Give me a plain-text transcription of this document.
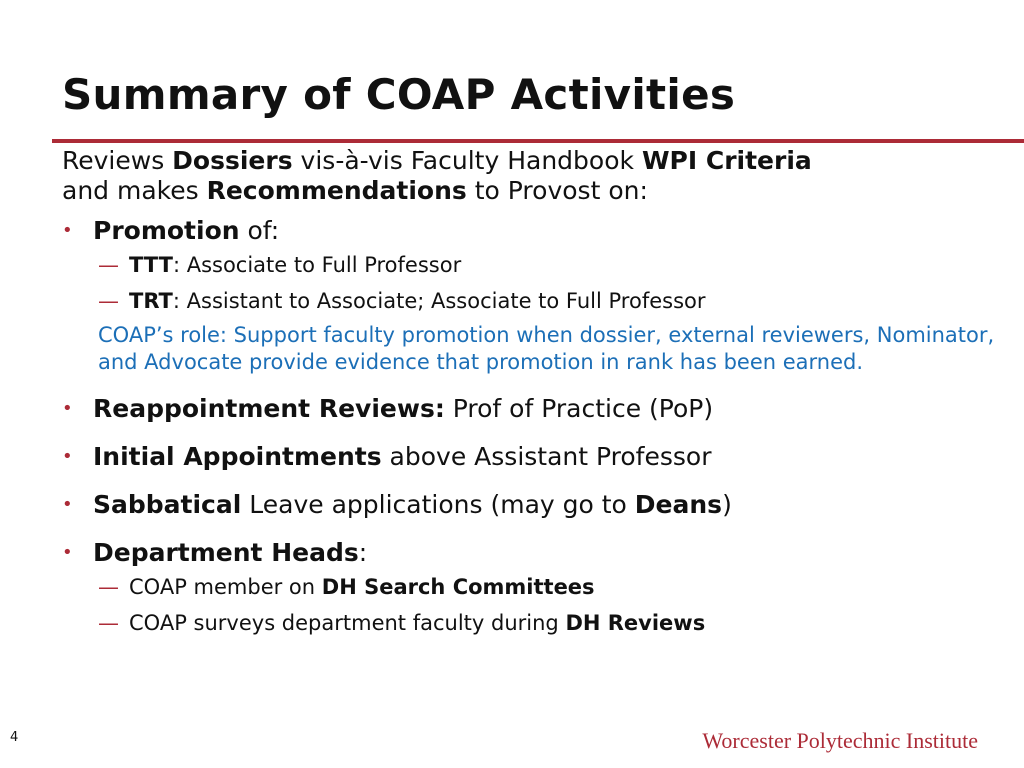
Summary of COAP Activities

Reviews Dossiers vis-à-vis Faculty Handbook WPI Criteria
and makes Recommendations to Provost on:

• Promotion of:
— TTT: Associate to Full Professor
— TRT: Assistant to Associate; Associate to Full Professor
COAP’s role: Support faculty promotion when dossier, external reviewers, Nominator, and Advocate provide evidence that promotion in rank has been earned.
• Reappointment Reviews: Prof of Practice (PoP)
• Initial Appointments above Assistant Professor
• Sabbatical Leave applications (may go to Deans)
• Department Heads:
— COAP member on DH Search Committees
— COAP surveys department faculty during DH Reviews
4	Worcester Polytechnic Institute
